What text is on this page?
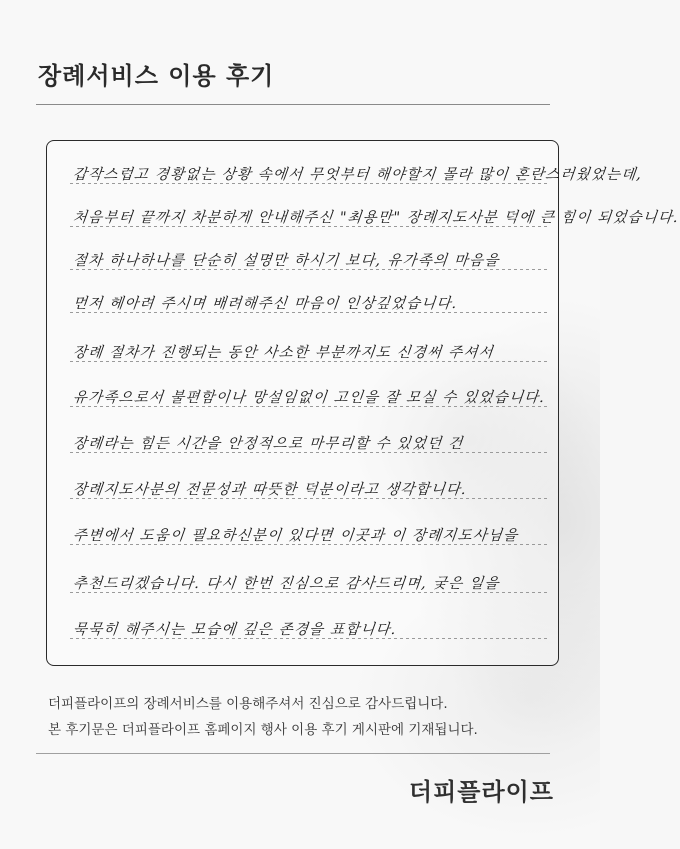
장례서비스 이용 후기
갑작스럽고 경황없는 상황 속에서 무엇부터 해야할지 몰라 많이 혼란스러웠었는데,
처음부터 끝까지 차분하게 안내해주신 "최용만" 장례지도사분 덕에 큰 힘이 되었습니다.
절차 하나하나를 단순히 설명만 하시기 보다, 유가족의 마음을
먼저 헤아려 주시며 배려해주신 마음이 인상깊었습니다.
장례 절차가 진행되는 동안 사소한 부분까지도 신경써 주셔서
유가족으로서 불편함이나 망설임없이 고인을 잘 모실 수 있었습니다.
장례라는 힘든 시간을 안정적으로 마무리할 수 있었던 건
장례지도사분의 전문성과 따뜻한 덕분이라고 생각합니다.
주변에서 도움이 필요하신분이 있다면 이곳과 이 장례지도사님을
추천드리겠습니다. 다시 한번 진심으로 감사드리며, 궂은 일을
묵묵히 해주시는 모습에 깊은 존경을 표합니다.
더피플라이프의 장례서비스를 이용해주셔서 진심으로 감사드립니다.
본 후기문은 더피플라이프 홈페이지 행사 이용 후기 게시판에 기재됩니다.
더피플라이프
